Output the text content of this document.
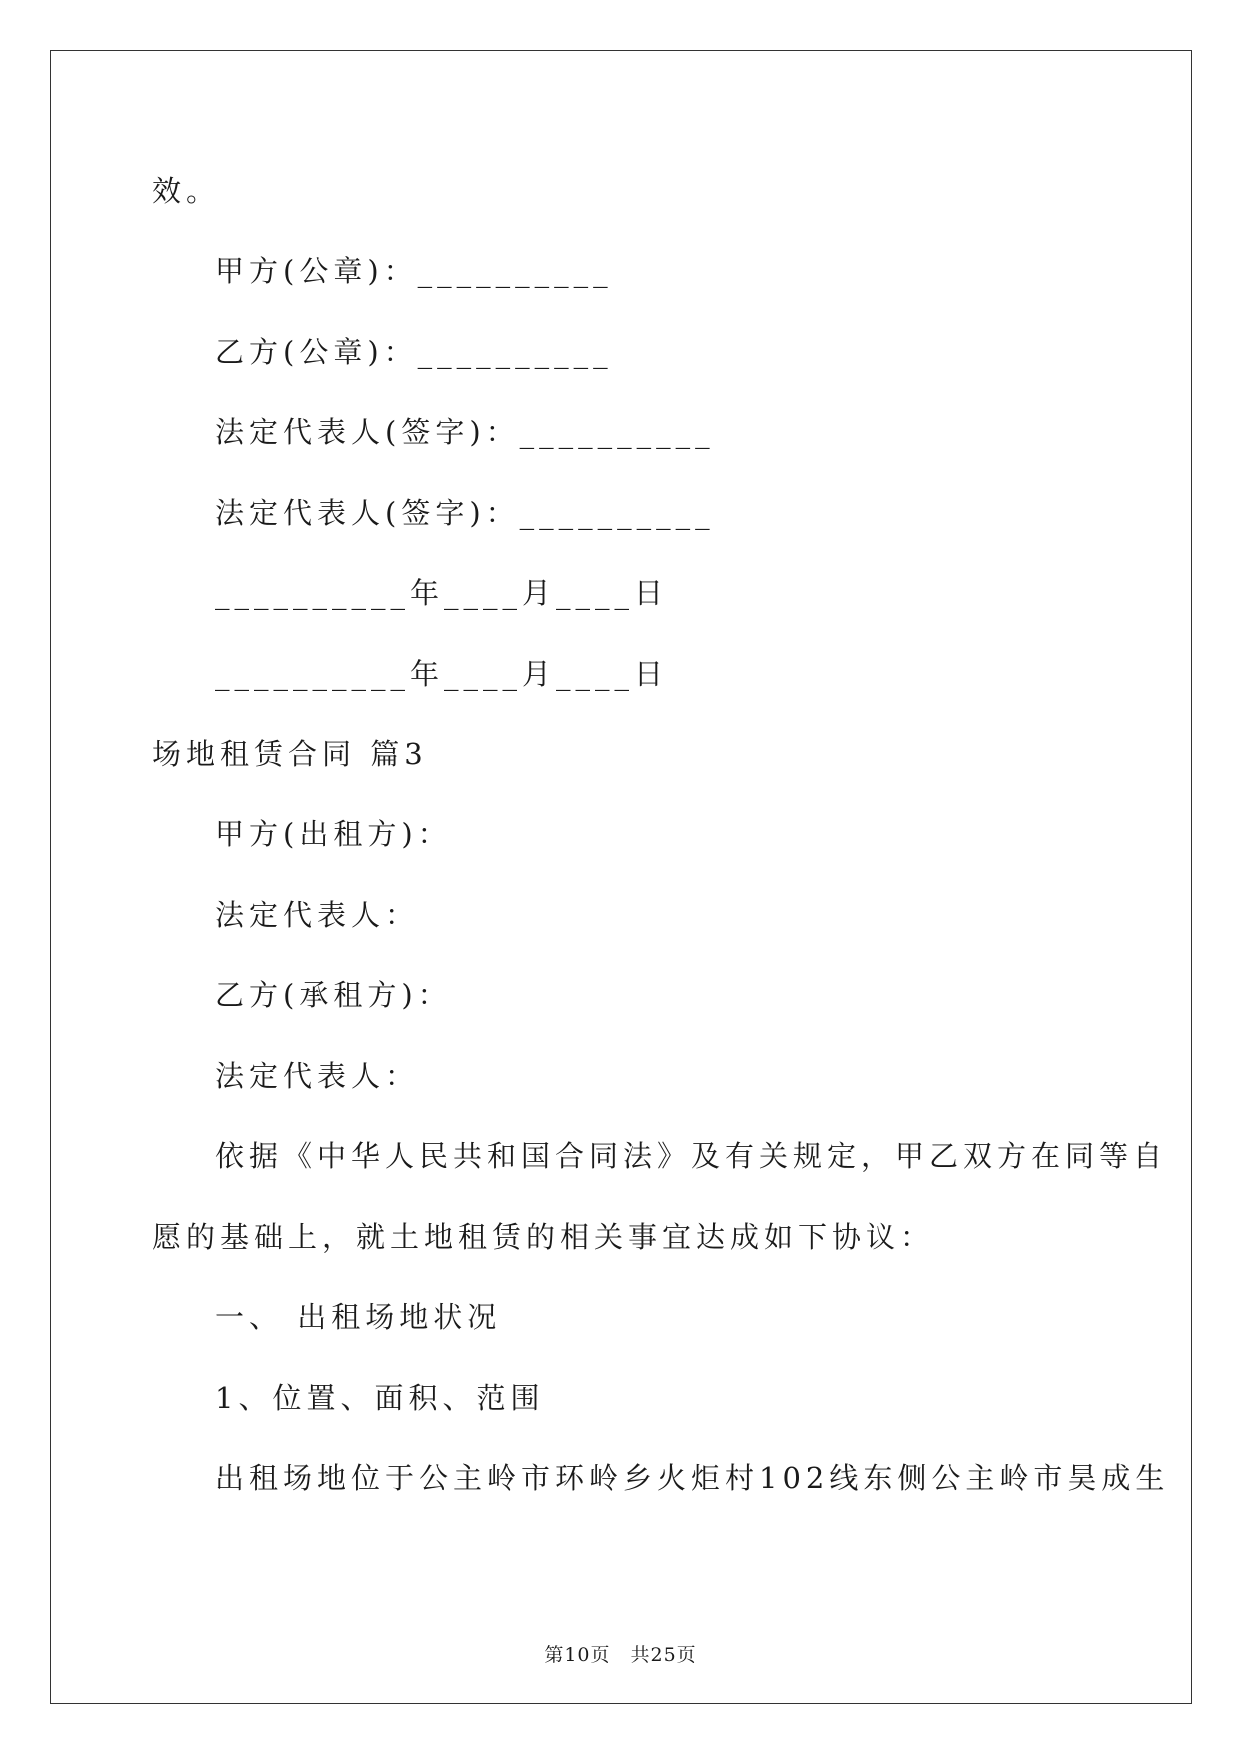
效。
甲方(公章)：__________
乙方(公章)：__________
法定代表人(签字)：__________
法定代表人(签字)：__________
__________年____月____日
__________年____月____日
场地租赁合同 篇3
甲方(出租方)：
法定代表人：
乙方(承租方)：
法定代表人：
依据《中华人民共和国合同法》及有关规定，甲乙双方在同等自
愿的基础上，就土地租赁的相关事宜达成如下协议：
一、 出租场地状况
1、位置、面积、范围
出租场地位于公主岭市环岭乡火炬村102线东侧公主岭市昊成生
第10页　共25页
